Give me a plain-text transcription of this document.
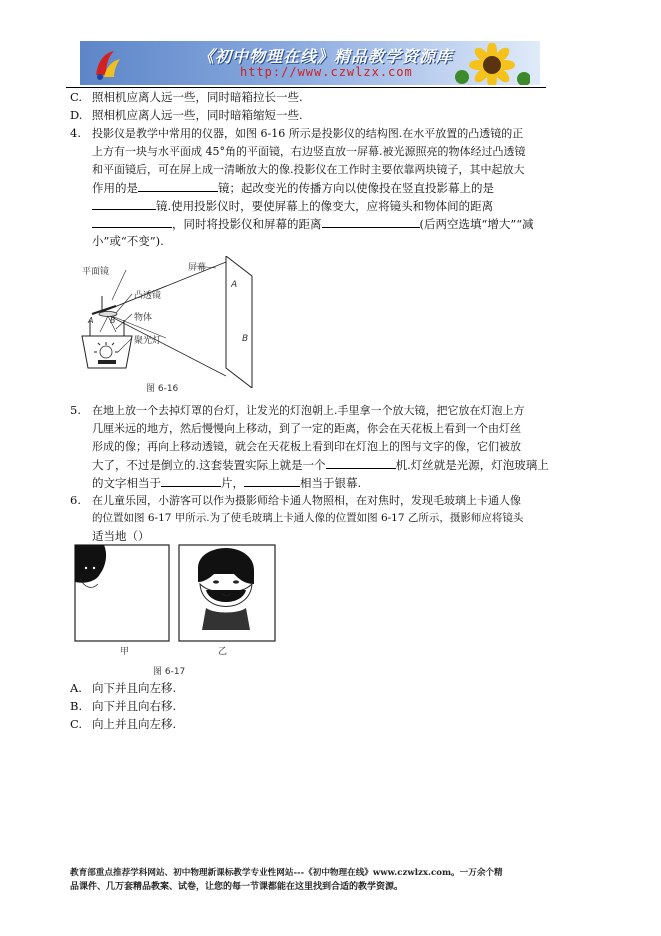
《初中物理在线》精品教学资源库
http://www.czwlzx.com
C. 照相机应离人远一些，同时暗箱拉长一些.
D. 照相机应离人远一些，同时暗箱缩短一些.
4. 投影仪是教学中常用的仪器，如图 6-16 所示是投影仪的结构图.在水平放置的凸透镜的正
上方有一块与水平面成 45°角的平面镜，右边竖直放一屏幕.被光源照亮的物体经过凸透镜
和平面镜后，可在屏上成一清晰放大的像.投影仪在工作时主要依靠两块镜子，其中起放大
作用的是	镜；起改变光的传播方向以使像投在竖直投影幕上的是
镜.使用投影仪时，要使屏幕上的像变大，应将镜头和物体间的距离
，同时将投影仪和屏幕的距离	(后两空选填“增大”“减
小”或“不变”).
平面镜	屏幕
凸透镜
物体
聚光灯
A
B
A B
图 6-16
5. 在地上放一个去掉灯罩的台灯，让发光的灯泡朝上.手里拿一个放大镜，把它放在灯泡上方
几厘米远的地方，然后慢慢向上移动，到了一定的距离，你会在天花板上看到一个由灯丝
形成的像；再向上移动透镜，就会在天花板上看到印在灯泡上的图与文字的像，它们被放
大了，不过是倒立的.这套装置实际上就是一个	机.灯丝就是光源，灯泡玻璃上
的文字相当于	片，	相当于银幕.
6. 在儿童乐园，小游客可以作为摄影师给卡通人物照相，在对焦时，发现毛玻璃上卡通人像
的位置如图 6-17 甲所示.为了使毛玻璃上卡通人像的位置如图 6-17 乙所示，摄影师应将镜头
适当地（）
甲	乙
图 6-17
A. 向下并且向左移.
B. 向下并且向右移.
C. 向上并且向左移.
教育部重点推荐学科网站、初中物理新课标教学专业性网站---《初中物理在线》www.czwlzx.com。一万余个精
品课件、几万套精品教案、试卷，让您的每一节课都能在这里找到合适的教学资源。
